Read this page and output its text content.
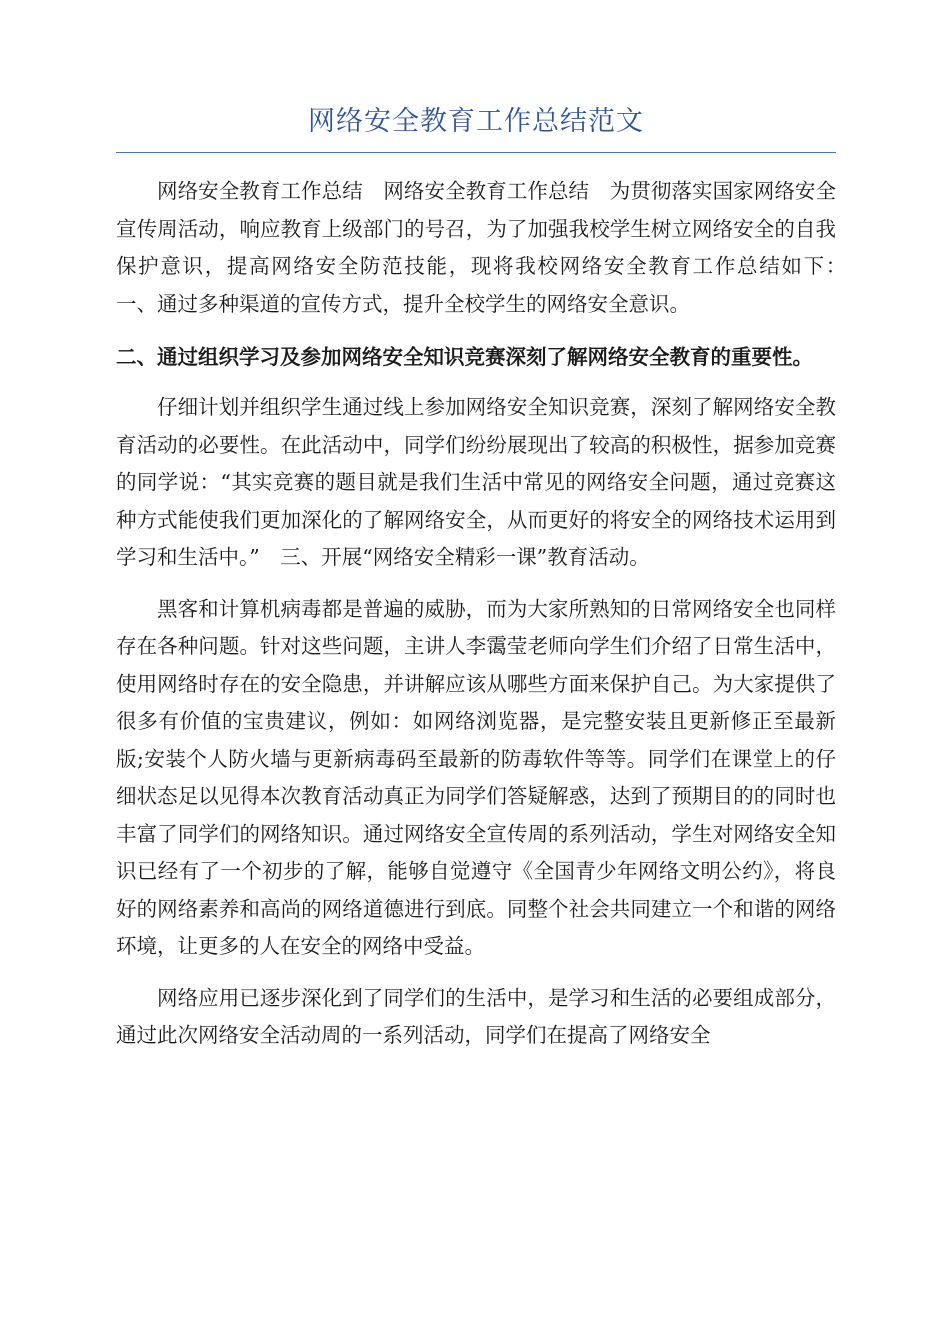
网络安全教育工作总结范文

网络安全教育工作总结　网络安全教育工作总结　为贯彻落实国家网络安全宣传周活动，响应教育上级部门的号召，为了加强我校学生树立网络安全的自我保护意识，提高网络安全防范技能，现将我校网络安全教育工作总结如下：　一、通过多种渠道的宣传方式，提升全校学生的网络安全意识。

二、通过组织学习及参加网络安全知识竞赛深刻了解网络安全教育的重要性。

仔细计划并组织学生通过线上参加网络安全知识竞赛，深刻了解网络安全教育活动的必要性。在此活动中，同学们纷纷展现出了较高的积极性，据参加竞赛的同学说：“其实竞赛的题目就是我们生活中常见的网络安全问题，通过竞赛这种方式能使我们更加深化的了解网络安全，从而更好的将安全的网络技术运用到学习和生活中。”　三、开展“网络安全精彩一课”教育活动。

黑客和计算机病毒都是普遍的威胁，而为大家所熟知的日常网络安全也同样存在各种问题。针对这些问题，主讲人李霭莹老师向学生们介绍了日常生活中，使用网络时存在的安全隐患，并讲解应该从哪些方面来保护自己。为大家提供了很多有价值的宝贵建议，例如：如网络浏览器，是完整安装且更新修正至最新版;安装个人防火墙与更新病毒码至最新的防毒软件等等。同学们在课堂上的仔细状态足以见得本次教育活动真正为同学们答疑解惑，达到了预期目的的同时也丰富了同学们的网络知识。通过网络安全宣传周的系列活动，学生对网络安全知识已经有了一个初步的了解，能够自觉遵守《全国青少年网络文明公约》，将良好的网络素养和高尚的网络道德进行到底。同整个社会共同建立一个和谐的网络环境，让更多的人在安全的网络中受益。

网络应用已逐步深化到了同学们的生活中，是学习和生活的必要组成部分，通过此次网络安全活动周的一系列活动，同学们在提高了网络安全
